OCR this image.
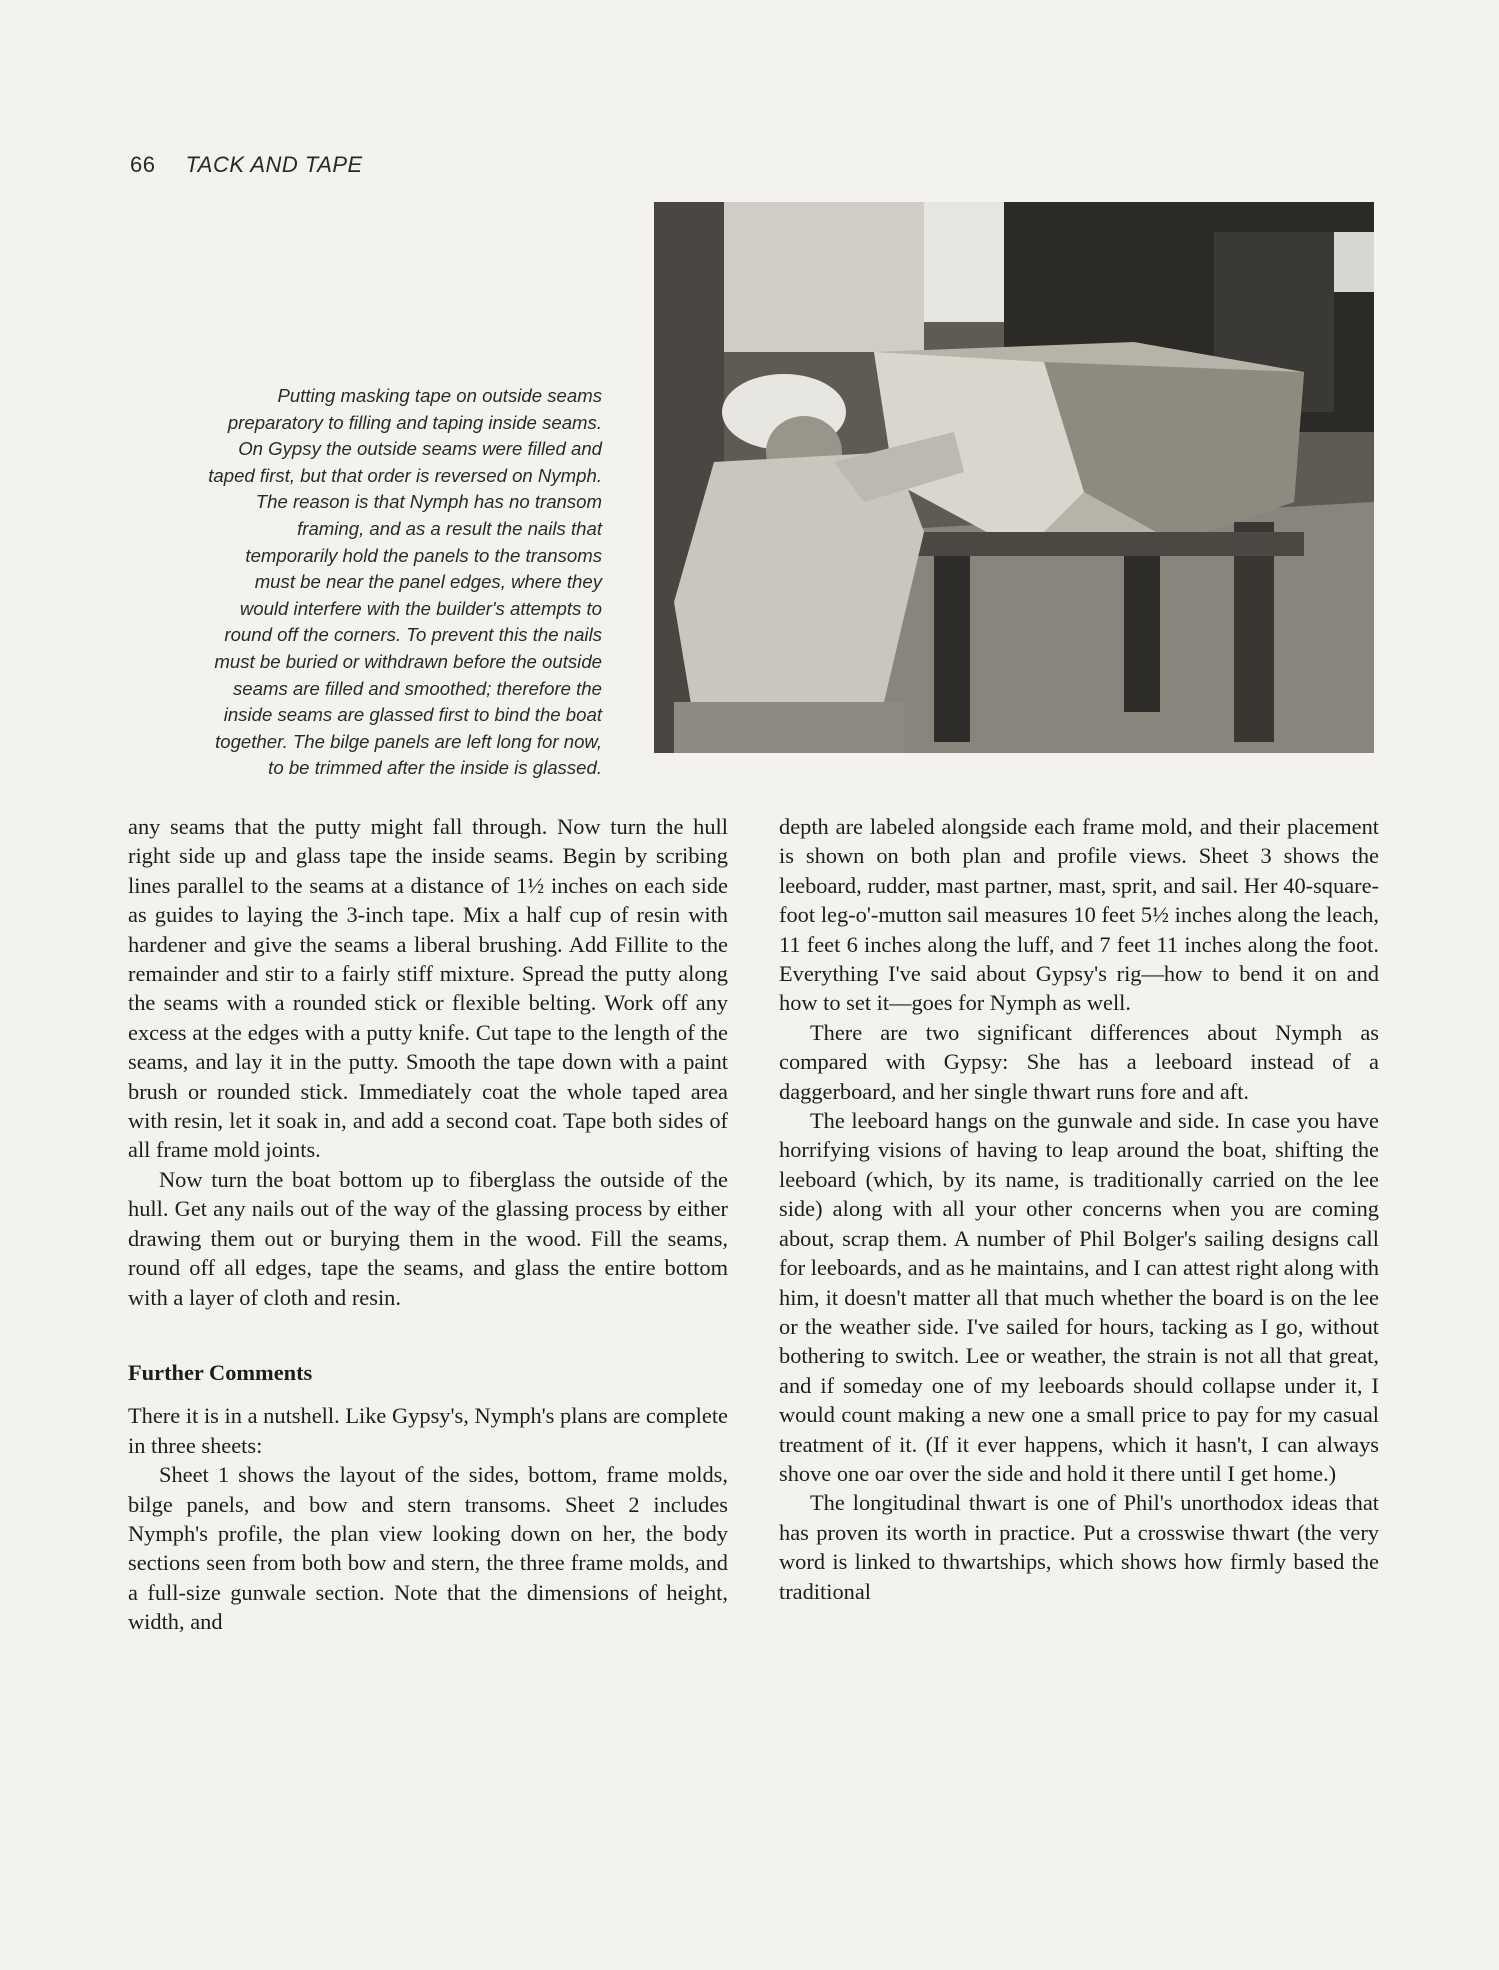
66 TACK AND TAPE
Putting masking tape on outside seams
preparatory to filling and taping inside seams.
On Gypsy the outside seams were filled and
taped first, but that order is reversed on Nymph.
The reason is that Nymph has no transom
framing, and as a result the nails that
temporarily hold the panels to the transoms
must be near the panel edges, where they
would interfere with the builder's attempts to
round off the corners. To prevent this the nails
must be buried or withdrawn before the outside
seams are filled and smoothed; therefore the
inside seams are glassed first to bind the boat
together. The bilge panels are left long for now,
to be trimmed after the inside is glassed.

any seams that the putty might fall through. Now turn the hull right side up and glass tape the inside seams. Begin by scribing lines parallel to the seams at a distance of 1½ inches on each side as guides to laying the 3-inch tape. Mix a half cup of resin with hardener and give the seams a liberal brushing. Add Fillite to the remainder and stir to a fairly stiff mixture. Spread the putty along the seams with a rounded stick or flexible belting. Work off any excess at the edges with a putty knife. Cut tape to the length of the seams, and lay it in the putty. Smooth the tape down with a paint brush or rounded stick. Immediately coat the whole taped area with resin, let it soak in, and add a second coat. Tape both sides of all frame mold joints.

Now turn the boat bottom up to fiberglass the outside of the hull. Get any nails out of the way of the glassing process by either drawing them out or burying them in the wood. Fill the seams, round off all edges, tape the seams, and glass the entire bottom with a layer of cloth and resin.

Further Comments

There it is in a nutshell. Like Gypsy's, Nymph's plans are complete in three sheets:

Sheet 1 shows the layout of the sides, bottom, frame molds, bilge panels, and bow and stern transoms. Sheet 2 includes Nymph's profile, the plan view looking down on her, the body sections seen from both bow and stern, the three frame molds, and a full-size gunwale section. Note that the dimensions of height, width, and

depth are labeled alongside each frame mold, and their placement is shown on both plan and profile views. Sheet 3 shows the leeboard, rudder, mast partner, mast, sprit, and sail. Her 40-square-foot leg-o'-mutton sail measures 10 feet 5½ inches along the leach, 11 feet 6 inches along the luff, and 7 feet 11 inches along the foot. Everything I've said about Gypsy's rig—how to bend it on and how to set it—goes for Nymph as well.

There are two significant differences about Nymph as compared with Gypsy: She has a leeboard instead of a daggerboard, and her single thwart runs fore and aft.

The leeboard hangs on the gunwale and side. In case you have horrifying visions of having to leap around the boat, shifting the leeboard (which, by its name, is traditionally carried on the lee side) along with all your other concerns when you are coming about, scrap them. A number of Phil Bolger's sailing designs call for leeboards, and as he maintains, and I can attest right along with him, it doesn't matter all that much whether the board is on the lee or the weather side. I've sailed for hours, tacking as I go, without bothering to switch. Lee or weather, the strain is not all that great, and if someday one of my leeboards should collapse under it, I would count making a new one a small price to pay for my casual treatment of it. (If it ever happens, which it hasn't, I can always shove one oar over the side and hold it there until I get home.)

The longitudinal thwart is one of Phil's unorthodox ideas that has proven its worth in practice. Put a crosswise thwart (the very word is linked to thwartships, which shows how firmly based the traditional
